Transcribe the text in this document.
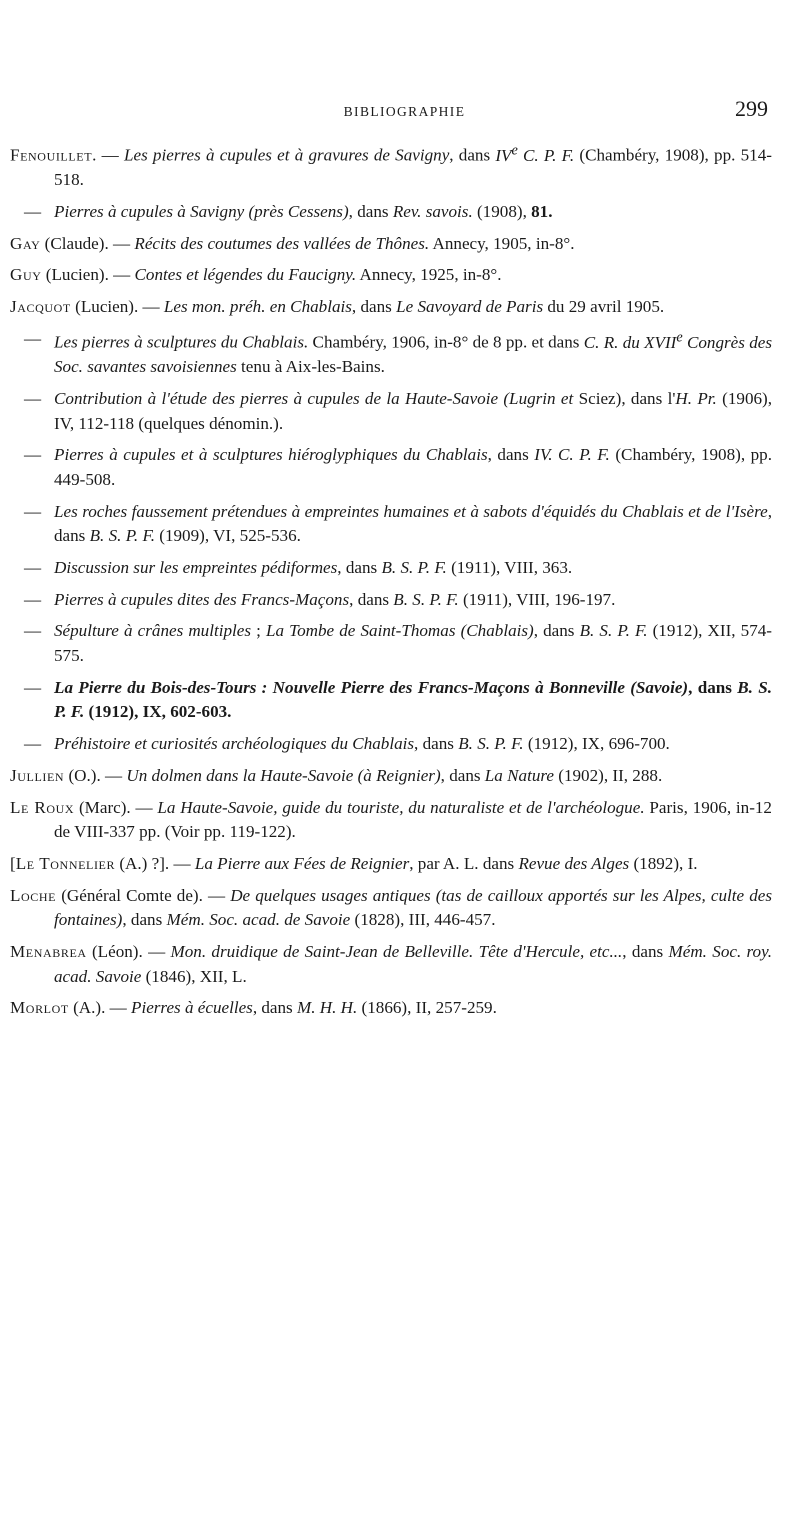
BIBLIOGRAPHIE	299
Fenouillet. — Les pierres à cupules et à gravures de Savigny, dans IVe C. P. F. (Chambéry, 1908), pp. 514-518.
— Pierres à cupules à Savigny (près Cessens), dans Rev. savois. (1908), 81.
Gay (Claude). — Récits des coutumes des vallées de Thônes. Annecy, 1905, in-8°.
Guy (Lucien). — Contes et légendes du Faucigny. Annecy, 1925, in-8°.
Jacquot (Lucien). — Les mon. préh. en Chablais, dans Le Savoyard de Paris du 29 avril 1905.
— Les pierres à sculptures du Chablais. Chambéry, 1906, in-8° de 8 pp. et dans C. R. du XVIIe Congrès des Soc. savantes savoisiennes tenu à Aix-les-Bains.
— Contribution à l'étude des pierres à cupules de la Haute-Savoie (Lugrin et Sciez), dans l'H. Pr. (1906), IV, 112-118 (quelques dénomin.).
— Pierres à cupules et à sculptures hiéroglyphiques du Chablais, dans IV. C. P. F. (Chambéry, 1908), pp. 449-508.
— Les roches faussement prétendues à empreintes humaines et à sabots d'équidés du Chablais et de l'Isère, dans B. S. P. F. (1909), VI, 525-536.
— Discussion sur les empreintes pédiformes, dans B. S. P. F. (1911), VIII, 363.
— Pierres à cupules dites des Francs-Maçons, dans B. S. P. F. (1911), VIII, 196-197.
— Sépulture à crânes multiples ; La Tombe de Saint-Thomas (Chablais), dans B. S. P. F. (1912), XII, 574-575.
— La Pierre du Bois-des-Tours : Nouvelle Pierre des Francs-Maçons à Bonneville (Savoie), dans B. S. P. F. (1912), IX, 602-603.
— Préhistoire et curiosités archéologiques du Chablais, dans B. S. P. F. (1912), IX, 696-700.
Jullien (O.). — Un dolmen dans la Haute-Savoie (à Reignier), dans La Nature (1902), II, 288.
Le Roux (Marc). — La Haute-Savoie, guide du touriste, du naturaliste et de l'archéologue. Paris, 1906, in-12 de VIII-337 pp. (Voir pp. 119-122).
[Le Tonnelier (A.) ?]. — La Pierre aux Fées de Reignier, par A. L. dans Revue des Alges (1892), I.
Loche (Général Comte de). — De quelques usages antiques (tas de cailloux apportés sur les Alpes, culte des fontaines), dans Mém. Soc. acad. de Savoie (1828), III, 446-457.
Menabrea (Léon). — Mon. druidique de Saint-Jean de Belleville. Tête d'Hercule, etc..., dans Mém. Soc. roy. acad. Savoie (1846), XII, L.
Morlot (A.). — Pierres à écuelles, dans M. H. H. (1866), II, 257-259.
